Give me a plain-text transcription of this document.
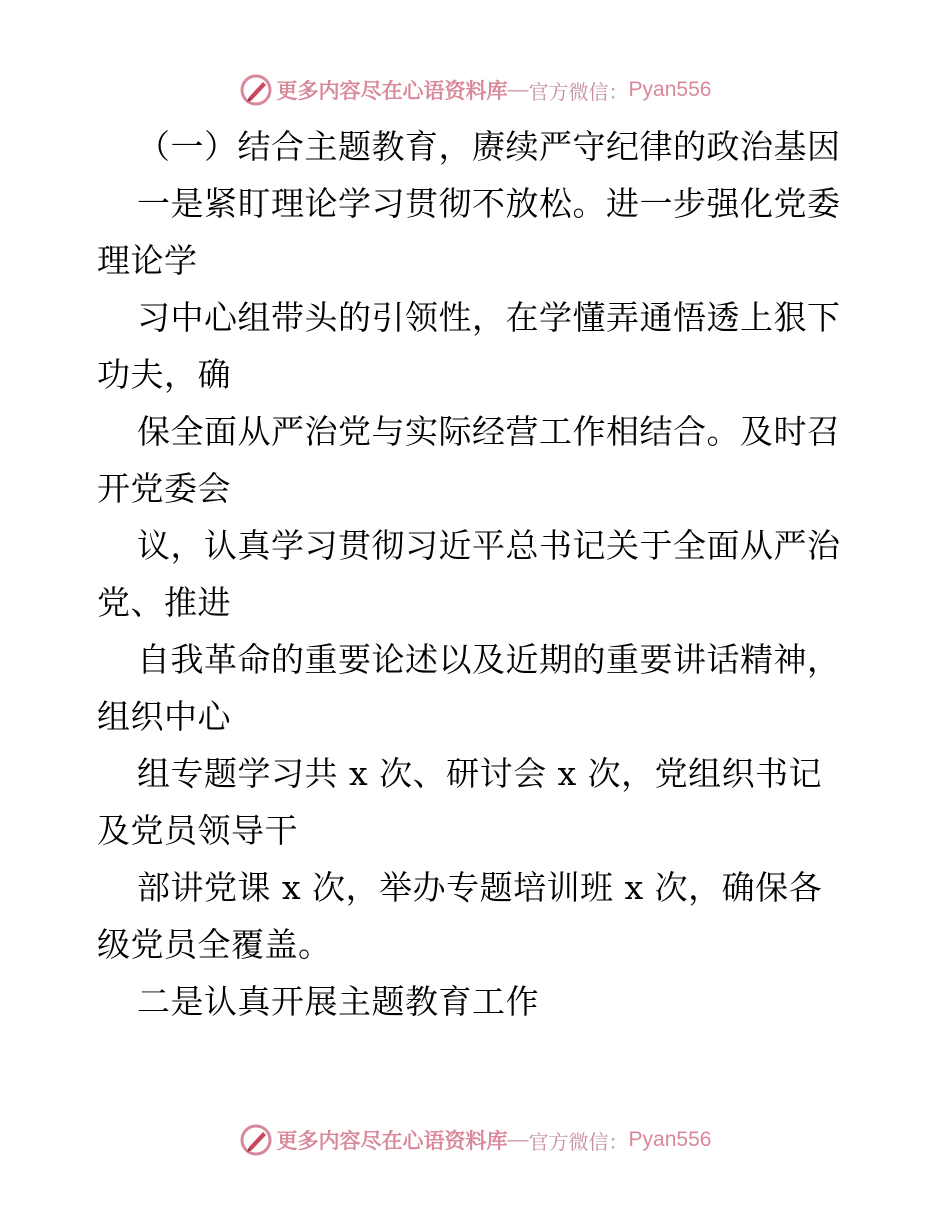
更多内容尽在心语资料库 — 官方微信： Pyan556
（一）结合主题教育，赓续严守纪律的政治基因
一是紧盯理论学习贯彻不放松。进一步强化党委
理论学
习中心组带头的引领性，在学懂弄通悟透上狠下
功夫，确
保全面从严治党与实际经营工作相结合。及时召
开党委会
议，认真学习贯彻习近平总书记关于全面从严治
党、推进
自我革命的重要论述以及近期的重要讲话精神，
组织中心
组专题学习共 x 次、研讨会 x 次，党组织书记
及党员领导干
部讲党课 x 次，举办专题培训班 x 次，确保各
级党员全覆盖。
二是认真开展主题教育工作
更多内容尽在心语资料库 — 官方微信： Pyan556
